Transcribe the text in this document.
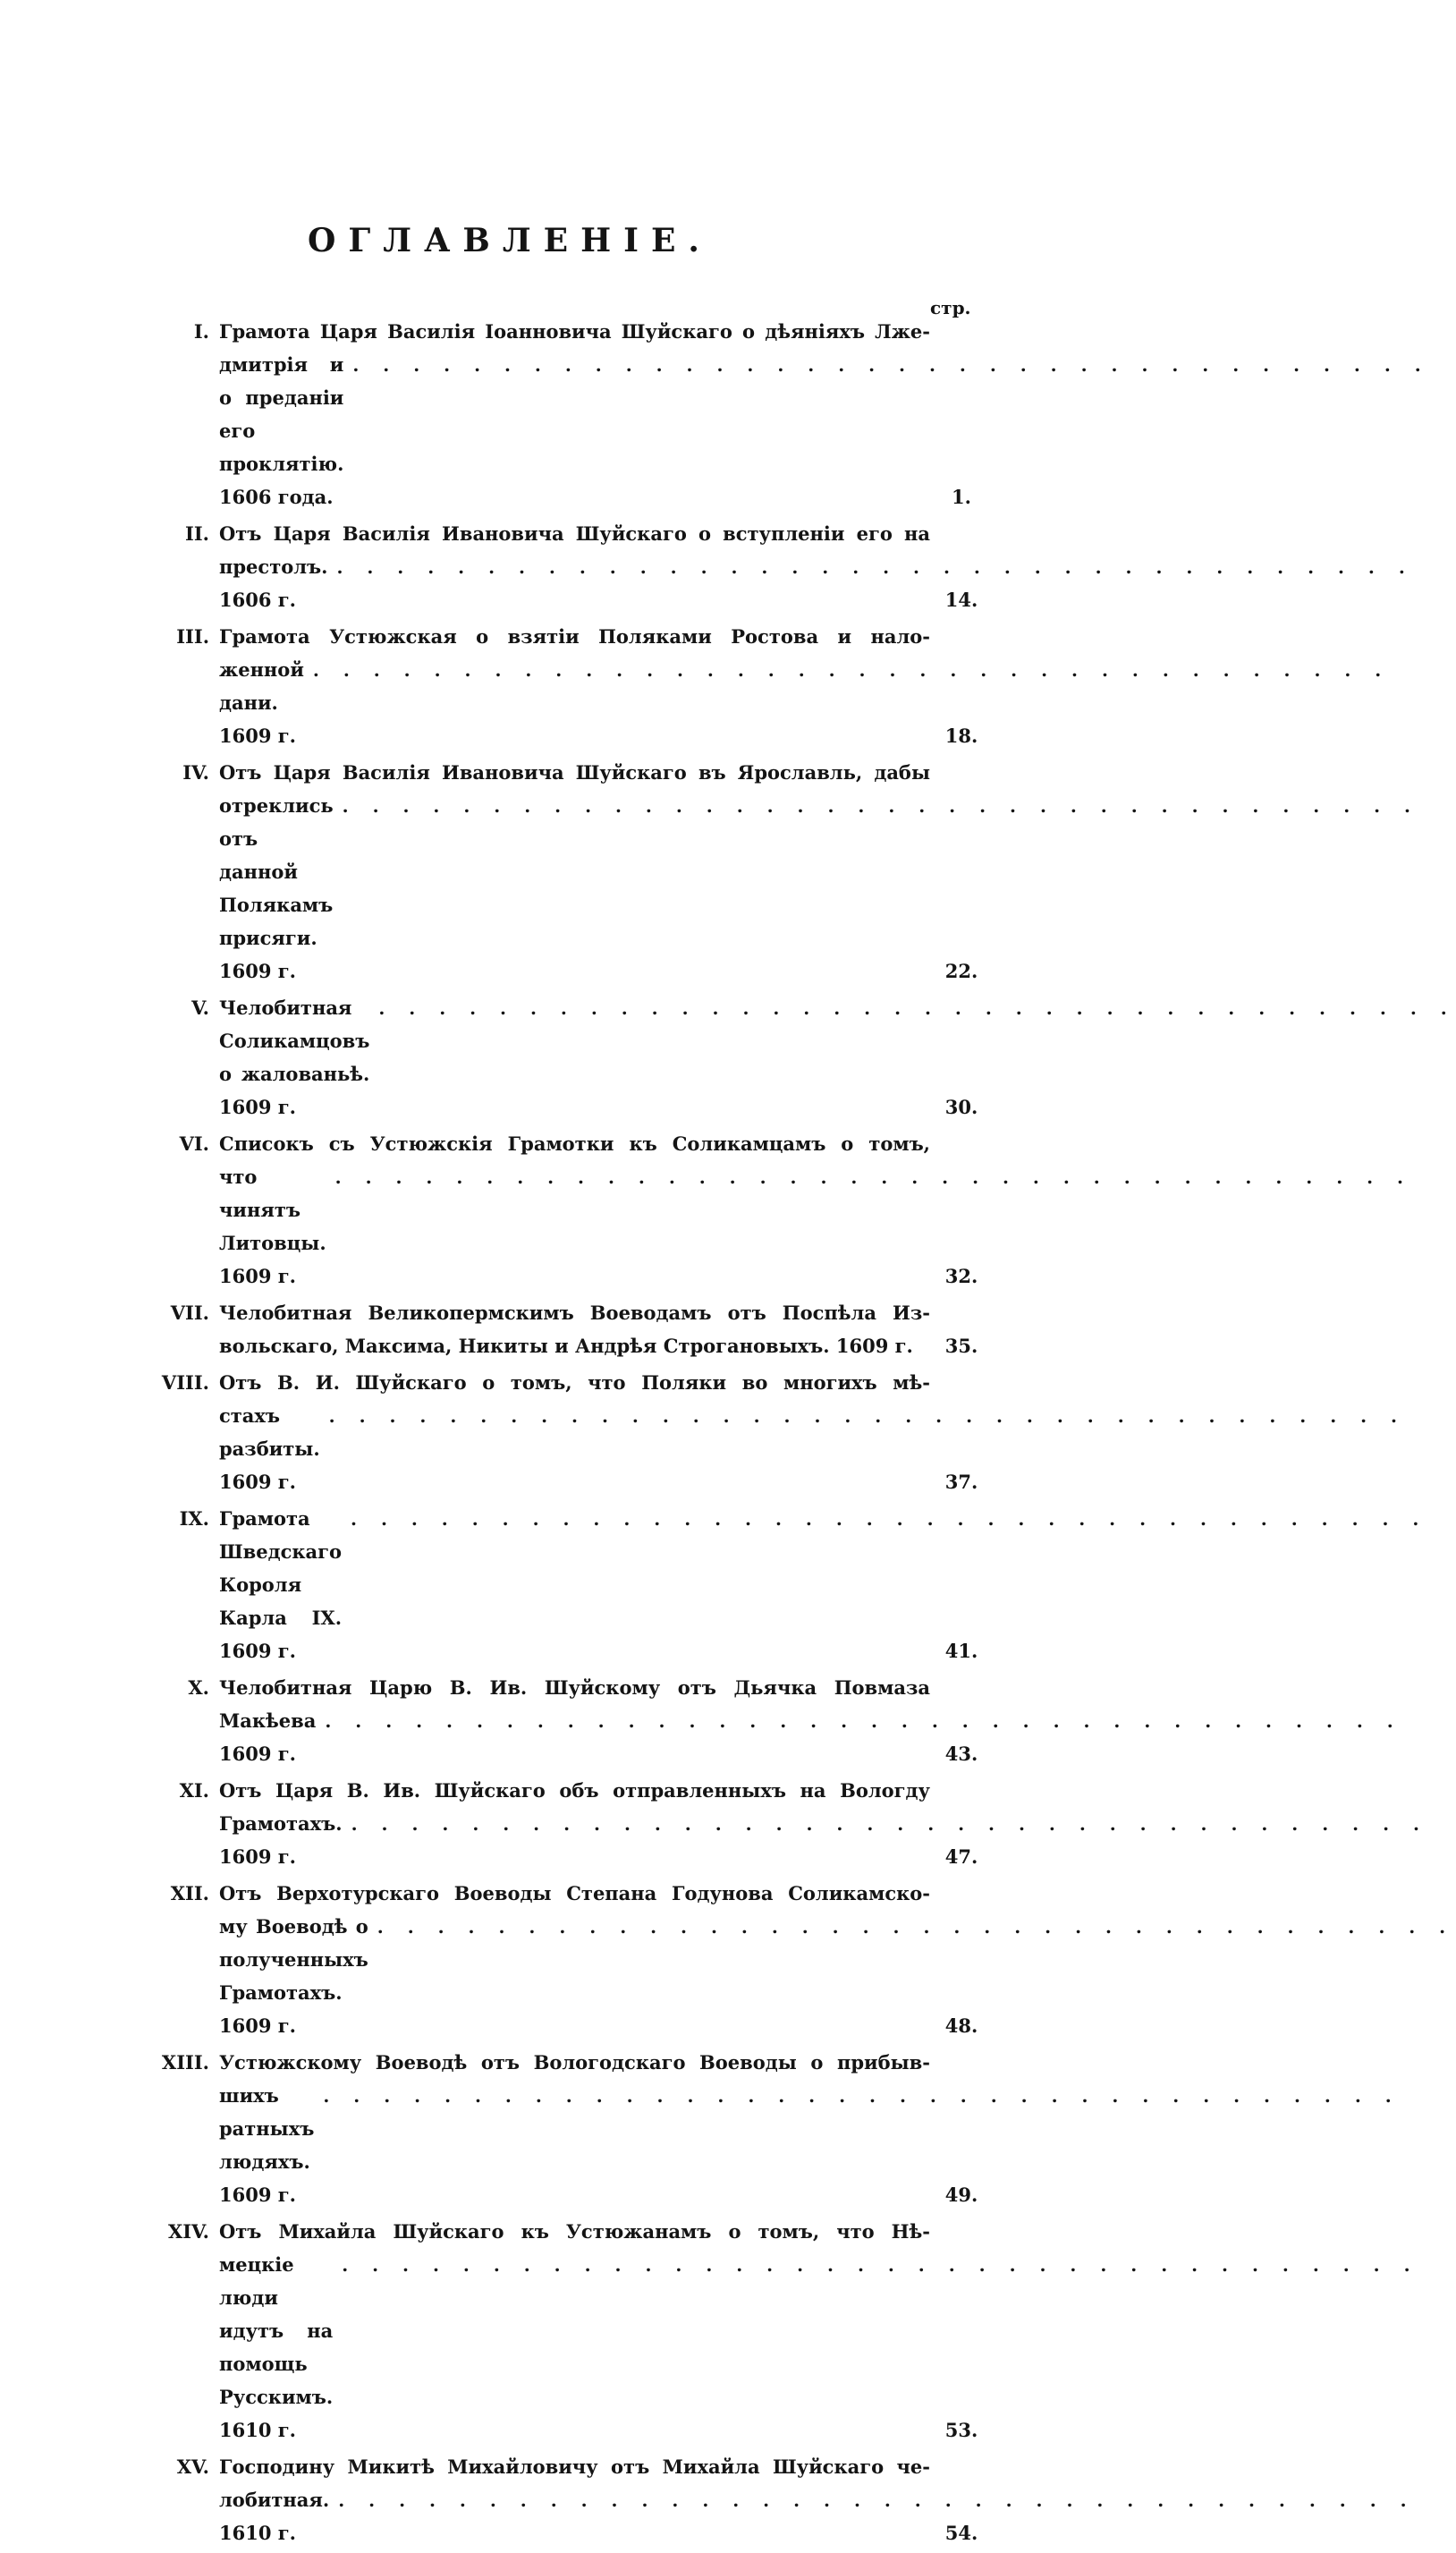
ОГЛАВЛЕНІЕ.
стр.
I. Грамота Царя Василія Іоанновича Шуйскаго о дѣяніяхъ Лже-
дмитрія и о преданіи его проклятію. 1606 года.
. . . . . . . . . . . . . . . . . . . . . . . . . . . . . . . . . . . .
1.
II. Отъ Царя Василія Ивановича Шуйскаго о вступленіи его на
престолъ. 1606 г.
. . . . . . . . . . . . . . . . . . . . . . . . . . . . . . . . . . . .
14.
III. Грамота Устюжская о взятіи Поляками Ростова и нало-
женной дани. 1609 г.
. . . . . . . . . . . . . . . . . . . . . . . . . . . . . . . . . . . .
18.
IV. Отъ Царя Василія Ивановича Шуйскаго въ Ярославль, дабы
отреклись отъ данной Полякамъ присяги. 1609 г.
. . . . . . . . . . . . . . . . . . . . . . . . . . . . . . . . . . . .
22.
V. Челобитная Соликамцовъ о жалованьѣ. 1609 г.
. . . . . . . . . . . . . . . . . . . . . . . . . . . . . . . . . . . .
30.
VI. Списокъ съ Устюжскія Грамотки къ Соликамцамъ о томъ,
что чинятъ Литовцы. 1609 г.
. . . . . . . . . . . . . . . . . . . . . . . . . . . . . . . . . . . .
32.
VII. Челобитная Великопермскимъ Воеводамъ отъ Поспѣла Из-
вольскаго, Максима, Никиты и Андрѣя Строгановыхъ. 1609 г.	35.
VIII. Отъ В. И. Шуйскаго о томъ, что Поляки во многихъ мѣ-
стахъ разбиты. 1609 г.
. . . . . . . . . . . . . . . . . . . . . . . . . . . . . . . . . . . .
37.
IX. Грамота Шведскаго Короля Карла IX. 1609 г.
. . . . . . . . . . . . . . . . . . . . . . . . . . . . . . . . . . . .
41.
X. Челобитная Царю В. Ив. Шуйскому отъ Дьячка Повмаза
Макѣева 1609 г.
. . . . . . . . . . . . . . . . . . . . . . . . . . . . . . . . . . . .
43.
XI. Отъ Царя В. Ив. Шуйскаго объ отправленныхъ на Вологду
Грамотахъ. 1609 г.
. . . . . . . . . . . . . . . . . . . . . . . . . . . . . . . . . . . .
47.
XII. Отъ Верхотурскаго Воеводы Степана Годунова Соликамско-
му Воеводѣ о полученныхъ Грамотахъ. 1609 г.
. . . . . . . . . . . . . . . . . . . . . . . . . . . . . . . . . . . .
48.
XIII. Устюжскому Воеводѣ отъ Вологодскаго Воеводы о прибыв-
шихъ ратныхъ людяхъ. 1609 г.
. . . . . . . . . . . . . . . . . . . . . . . . . . . . . . . . . . . .
49.
XIV. Отъ Михайла Шуйскаго къ Устюжанамъ о томъ, что Нѣ-
мецкіе люди идутъ на помощь Русскимъ. 1610 г.
. . . . . . . . . . . . . . . . . . . . . . . . . . . . . . . . . . . .
53.
XV. Господину Микитѣ Михайловичу отъ Михайла Шуйскаго че-
лобитная. 1610 г.
. . . . . . . . . . . . . . . . . . . . . . . . . . . . . . . . . . . .
54.
